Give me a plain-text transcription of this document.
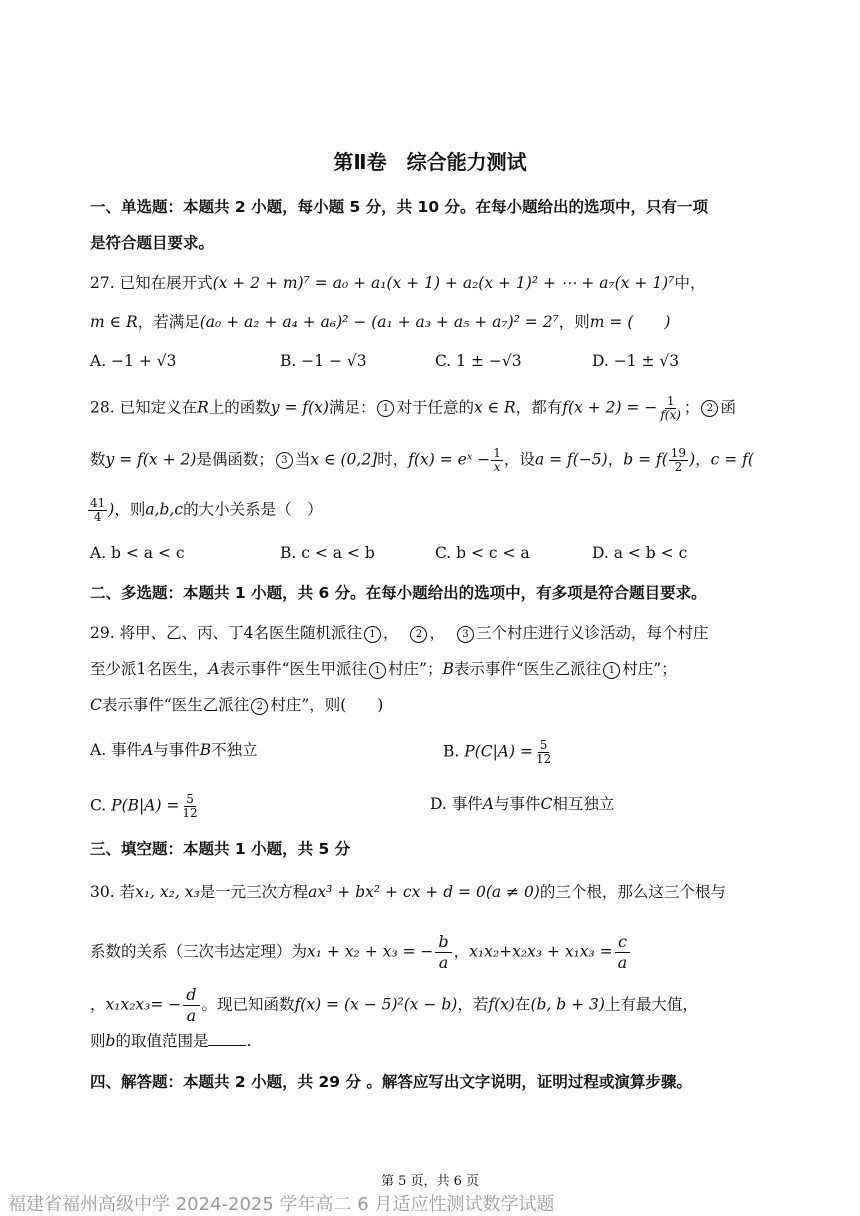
第Ⅱ卷　综合能力测试
一、单选题：本题共 2 小题，每小题 5 分，共 10 分。在每小题给出的选项中，只有一项
是符合题目要求。
27. 已知在展开式(x + 2 + m)⁷ = a₀ + a₁(x + 1) + a₂(x + 1)² + ⋯ + a₇(x + 1)⁷中，
m ∈ R，若满足(a₀ + a₂ + a₄ + a₆)² − (a₁ + a₃ + a₅ + a₇)² = 2⁷，则m = (　　)
A. −1 + √3	B. −1 − √3	C. 1 ± −√3	D. −1 ± √3
28. 已知定义在R上的函数y = f(x)满足： 1 对于任意的x ∈ R，都有f(x + 2) = − $\frac{1}{f(x)}$ ； 2 函
数y = f(x + 2)是偶函数； 3 当x ∈ (0,2]时，f(x) = eˣ − $\frac{1}{x}$ ，设a = f(−5)，$b = f( \frac{19}{2}$ )，c = f(
$\frac{41}{4}$ )，则a,b,c的大小关系是（　）
A. b < a < c	B. c < a < b	C. b < c < a	D. a < b < c
二、多选题：本题共 1 小题，共 6 分。在每小题给出的选项中，有多项是符合题目要求。
29. 将甲、乙、丙、丁4名医生随机派往 1 ， 2 ， 3 三个村庄进行义诊活动，每个村庄
至少派1名医生，A表示事件“医生甲派往 1 村庄”；B表示事件“医生乙派往 1 村庄”；
C表示事件“医生乙派往 2 村庄”，则(　　)
A. 事件A与事件B不独立	B. $P(C|A) = \frac{5}{12}$
C. $P(B|A) = \frac{5}{12}$	D. 事件A与事件C相互独立
三、填空题：本题共 1 小题，共 5 分
30. 若x₁, x₂, x₃是一元三次方程ax³ + bx² + cx + d = 0(a ≠ 0)的三个根，那么这三个根与
系数的关系（三次韦达定理）为x₁ + x₂ + x₃ = − $\frac{b}{a}$ ，$x_1x_2+x_2x_3 + x_1x_3 = \frac{c}{a}$
，$x_1x_2x_3= - \frac{d}{a}$ 。现已知函数f(x) = (x − 5)²(x − b)，若f(x)在(b, b + 3)上有最大值，
则b的取值范围是 .
四、解答题：本题共 2 小题，共 29 分 。解答应写出文字说明，证明过程或演算步骤。
第 5 页，共 6 页
福建省福州高级中学 2024-2025 学年高二 6 月适应性测试数学试题
